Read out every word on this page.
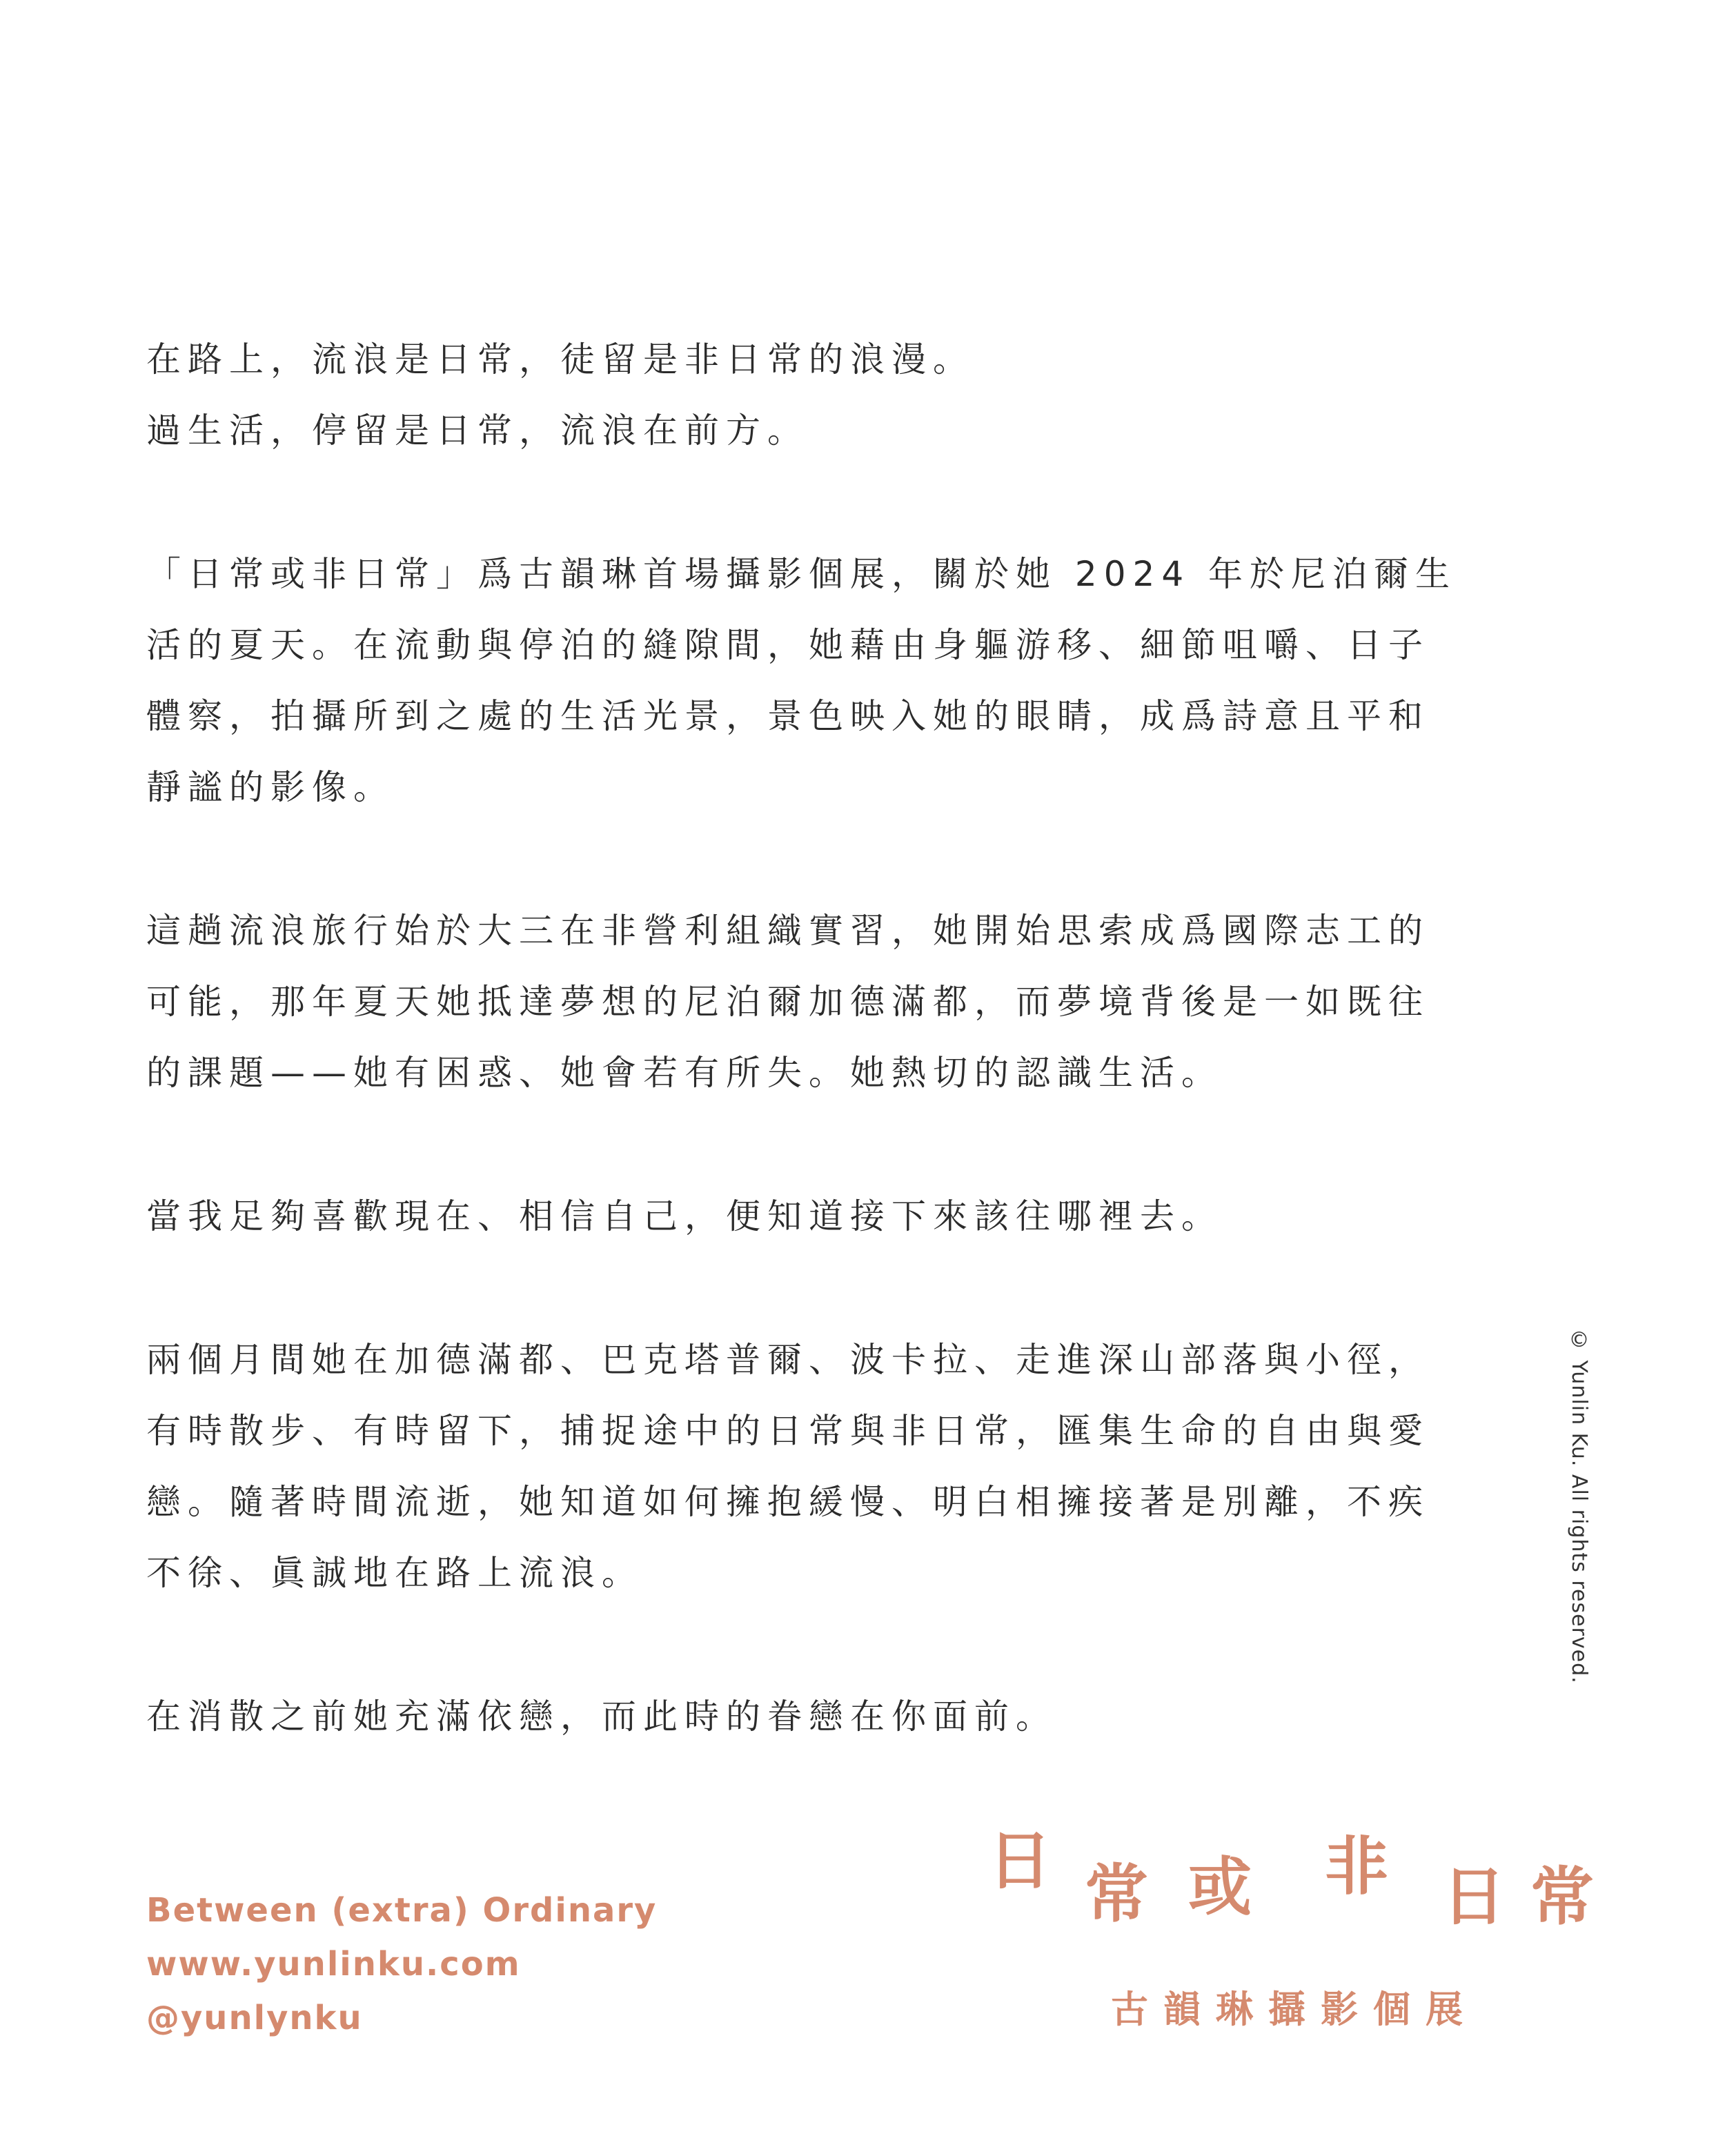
在路上，流浪是日常，徒留是非日常的浪漫。
過生活，停留是日常，流浪在前方。
「日常或非日常」爲古韻琳首場攝影個展，關於她 2024 年於尼泊爾生
活的夏天。在流動與停泊的縫隙間，她藉由身軀游移、細節咀嚼、日子
體察，拍攝所到之處的生活光景，景色映入她的眼睛，成爲詩意且平和
靜謐的影像。
這趟流浪旅行始於大三在非營利組織實習，她開始思索成爲國際志工的
可能，那年夏天她抵達夢想的尼泊爾加德滿都，而夢境背後是一如既往
的課題——她有困惑、她會若有所失。她熱切的認識生活。
當我足夠喜歡現在、相信自己，便知道接下來該往哪裡去。
兩個月間她在加德滿都、巴克塔普爾、波卡拉、走進深山部落與小徑，
有時散步、有時留下，捕捉途中的日常與非日常，匯集生命的自由與愛
戀。隨著時間流逝，她知道如何擁抱緩慢、明白相擁接著是別離，不疾
不徐、眞誠地在路上流浪。
在消散之前她充滿依戀，而此時的眷戀在你面前。
© Yunlin Ku. All rights reserved.
Between (extra) Ordinary
www.yunlinku.com
@yunlynku
日 常 或 非 日 常
古韻琳攝影個展
